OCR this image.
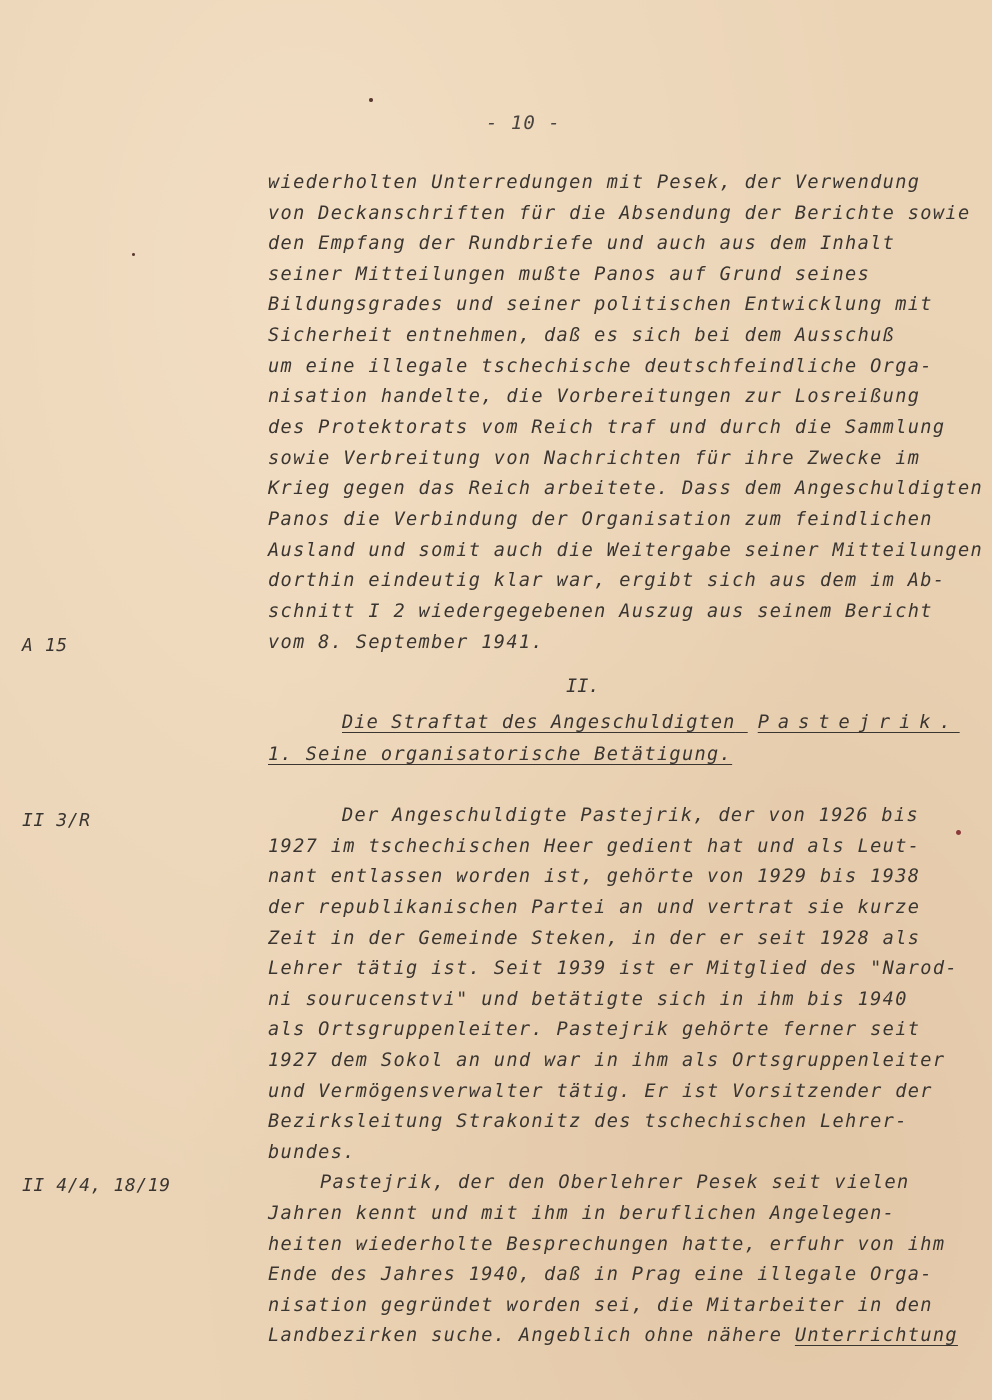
- 10 -
wiederholten Unterredungen mit Pesek, der Verwendung
von Deckanschriften für die Absendung der Berichte sowie
den Empfang der Rundbriefe und auch aus dem Inhalt
seiner Mitteilungen mußte Panos auf Grund seines
Bildungsgrades und seiner politischen Entwicklung mit
Sicherheit entnehmen, daß es sich bei dem Ausschuß
um eine illegale tschechische deutschfeindliche Orga-
nisation handelte, die Vorbereitungen zur Losreißung
des Protektorats vom Reich traf und durch die Sammlung
sowie Verbreitung von Nachrichten für ihre Zwecke im
Krieg gegen das Reich arbeitete. Dass dem Angeschuldigten
Panos die Verbindung der Organisation zum feindlichen
Ausland und somit auch die Weitergabe seiner Mitteilungen
dorthin eindeutig klar war, ergibt sich aus dem im Ab-
schnitt I 2 wiedergegebenen Auszug aus seinem Bericht
vom 8. September 1941.
A 15
II 3/R
II 4/4, 18/19
II.
Die Straftat des Angeschuldigten Pastejrik.
1. Seine organisatorische Betätigung.
Der Angeschuldigte Pastejrik, der von 1926 bis
1927 im tschechischen Heer gedient hat und als Leut-
nant entlassen worden ist, gehörte von 1929 bis 1938
der republikanischen Partei an und vertrat sie kurze
Zeit in der Gemeinde Steken, in der er seit 1928 als
Lehrer tätig ist. Seit 1939 ist er Mitglied des "Narod-
ni sourucenstvi" und betätigte sich in ihm bis 1940
als Ortsgruppenleiter. Pastejrik gehörte ferner seit
1927 dem Sokol an und war in ihm als Ortsgruppenleiter
und Vermögensverwalter tätig. Er ist Vorsitzender der
Bezirksleitung Strakonitz des tschechischen Lehrer-
bundes.
Pastejrik, der den Oberlehrer Pesek seit vielen
Jahren kennt und mit ihm in beruflichen Angelegen-
heiten wiederholte Besprechungen hatte, erfuhr von ihm
Ende des Jahres 1940, daß in Prag eine illegale Orga-
nisation gegründet worden sei, die Mitarbeiter in den
Landbezirken suche. Angeblich ohne nähere Unterrichtung
